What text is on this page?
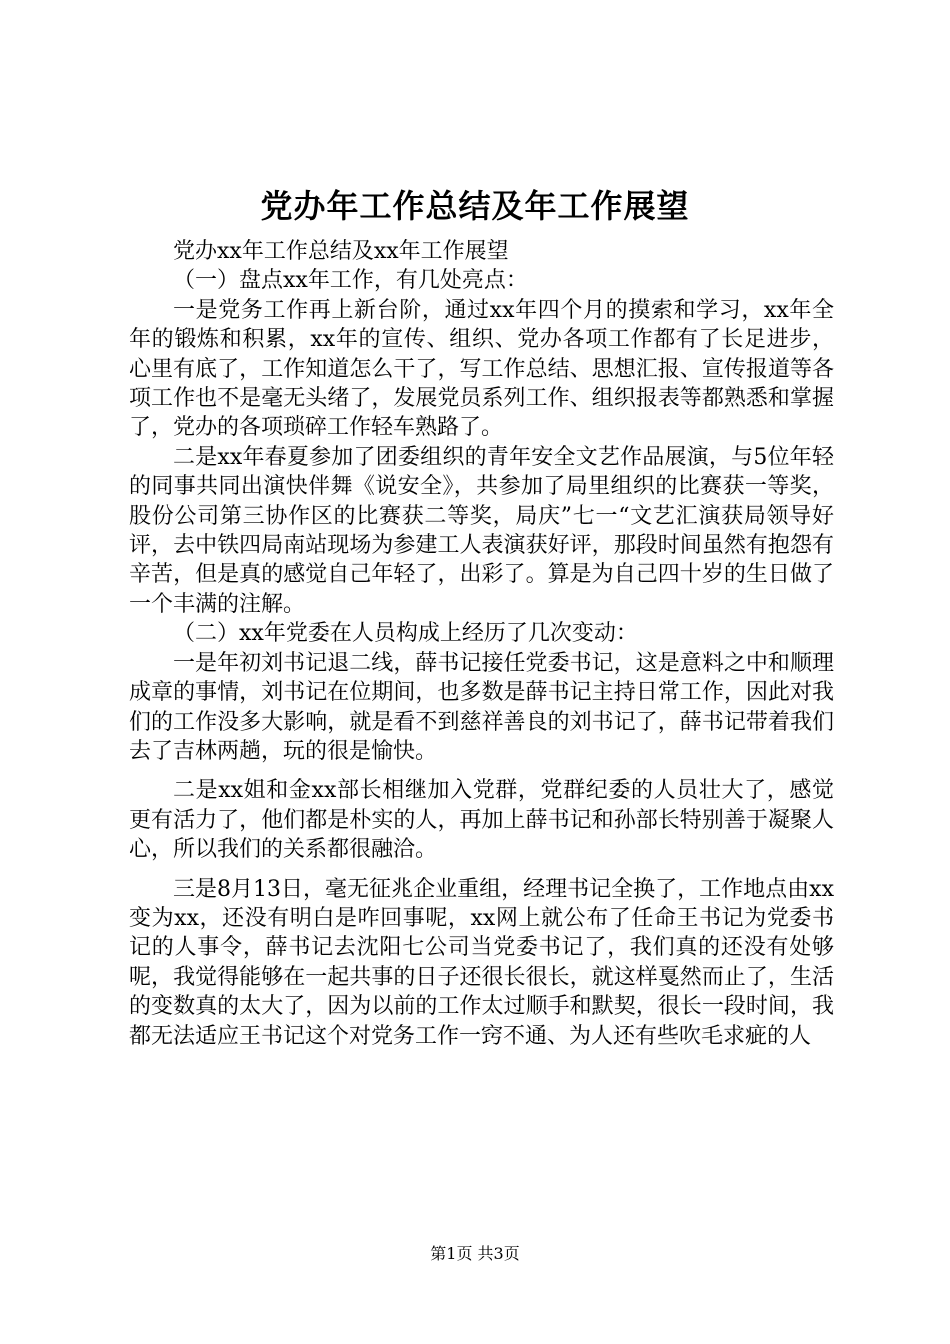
党办年工作总结及年工作展望

党办xx年工作总结及xx年工作展望

（一）盘点xx年工作，有几处亮点：

一是党务工作再上新台阶，通过xx年四个月的摸索和学习，xx年全年的锻炼和积累，xx年的宣传、组织、党办各项工作都有了长足进步，心里有底了，工作知道怎么干了，写工作总结、思想汇报、宣传报道等各项工作也不是毫无头绪了，发展党员系列工作、组织报表等都熟悉和掌握了，党办的各项琐碎工作轻车熟路了。

二是xx年春夏参加了团委组织的青年安全文艺作品展演，与5位年轻的同事共同出演快伴舞《说安全》，共参加了局里组织的比赛获一等奖，股份公司第三协作区的比赛获二等奖，局庆”七一“文艺汇演获局领导好评，去中铁四局南站现场为参建工人表演获好评，那段时间虽然有抱怨有辛苦，但是真的感觉自己年轻了，出彩了。算是为自己四十岁的生日做了一个丰满的注解。

（二）xx年党委在人员构成上经历了几次变动：

一是年初刘书记退二线，薛书记接任党委书记，这是意料之中和顺理成章的事情，刘书记在位期间，也多数是薛书记主持日常工作，因此对我们的工作没多大影响，就是看不到慈祥善良的刘书记了，薛书记带着我们去了吉林两趟，玩的很是愉快。

二是xx姐和金xx部长相继加入党群，党群纪委的人员壮大了，感觉更有活力了，他们都是朴实的人，再加上薛书记和孙部长特别善于凝聚人心，所以我们的关系都很融洽。

三是8月13日，毫无征兆企业重组，经理书记全换了，工作地点由xx变为xx，还没有明白是咋回事呢，xx网上就公布了任命王书记为党委书记的人事令，薛书记去沈阳七公司当党委书记了，我们真的还没有处够呢，我觉得能够在一起共事的日子还很长很长，就这样戛然而止了，生活的变数真的太大了，因为以前的工作太过顺手和默契，很长一段时间，我都无法适应王书记这个对党务工作一窍不通、为人还有些吹毛求疵的人

第1页 共3页
